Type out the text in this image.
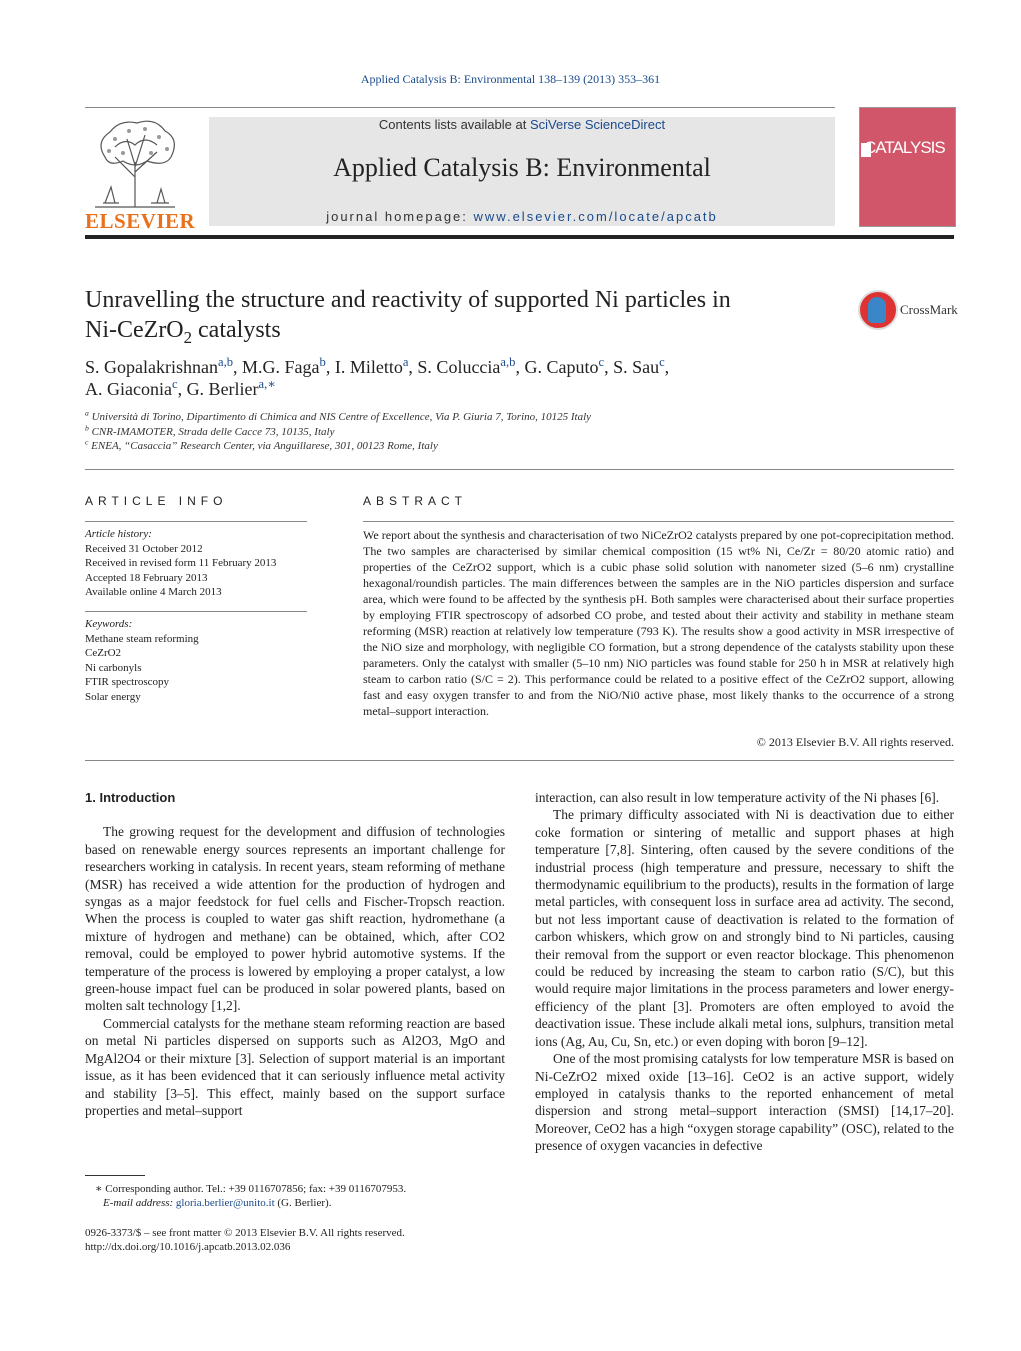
Applied Catalysis B: Environmental 138–139 (2013) 353–361
ELSEVIER
Contents lists available at SciVerse ScienceDirect
Applied Catalysis B: Environmental
journal homepage: www.elsevier.com/locate/apcatb
CATALYSIS
Unravelling the structure and reactivity of supported Ni particles in
Ni-CeZrO$_2$ catalysts
CrossMark
S. Gopalakrishnan$^{a,b}$, M.G. Faga$^b$, I. Miletto$^a$, S. Coluccia$^{a,b}$, G. Caputo$^c$, S. Sau$^c$,
A. Giaconia$^c$, G. Berlier$^{a,∗}$
$^a$ Università di Torino, Dipartimento di Chimica and NIS Centre of Excellence, Via P. Giuria 7, Torino, 10125 Italy
$^b$ CNR-IMAMOTER, Strada delle Cacce 73, 10135, Italy
$^c$ ENEA, “Casaccia” Research Center, via Anguillarese, 301, 00123 Rome, Italy
ARTICLE INFO
Article history:
Received 31 October 2012
Received in revised form 11 February 2013
Accepted 18 February 2013
Available online 4 March 2013
Keywords:
Methane steam reforming
CeZrO2
Ni carbonyls
FTIR spectroscopy
Solar energy
ABSTRACT
We report about the synthesis and characterisation of two NiCeZrO2 catalysts prepared by one pot-coprecipitation method. The two samples are characterised by similar chemical composition (15 wt% Ni, Ce/Zr = 80/20 atomic ratio) and properties of the CeZrO2 support, which is a cubic phase solid solution with nanometer sized (5–6 nm) crystalline hexagonal/roundish particles. The main differences between the samples are in the NiO particles dispersion and surface area, which were found to be affected by the synthesis pH. Both samples were characterised about their surface properties by employing FTIR spectroscopy of adsorbed CO probe, and tested about their activity and stability in methane steam reforming (MSR) reaction at relatively low temperature (793 K). The results show a good activity in MSR irrespective of the NiO size and morphology, with negligible CO formation, but a strong dependence of the catalysts stability upon these parameters. Only the catalyst with smaller (5–10 nm) NiO particles was found stable for 250 h in MSR at relatively high steam to carbon ratio (S/C = 2). This performance could be related to a positive effect of the CeZrO2 support, allowing fast and easy oxygen transfer to and from the NiO/Ni0 active phase, most likely thanks to the occurrence of a strong metal–support interaction.
© 2013 Elsevier B.V. All rights reserved.
1. Introduction

The growing request for the development and diffusion of technologies based on renewable energy sources represents an important challenge for researchers working in catalysis. In recent years, steam reforming of methane (MSR) has received a wide attention for the production of hydrogen and syngas as a major feedstock for fuel cells and Fischer-Tropsch reaction. When the process is coupled to water gas shift reaction, hydromethane (a mixture of hydrogen and methane) can be obtained, which, after CO2 removal, could be employed to power hybrid automotive systems. If the temperature of the process is lowered by employing a proper catalyst, a low green-house impact fuel can be produced in solar powered plants, based on molten salt technology [1,2].

Commercial catalysts for the methane steam reforming reaction are based on metal Ni particles dispersed on supports such as Al2O3, MgO and MgAl2O4 or their mixture [3]. Selection of support material is an important issue, as it has been evidenced that it can seriously influence metal activity and stability [3–5]. This effect, mainly based on the support surface properties and metal–support

interaction, can also result in low temperature activity of the Ni phases [6].

The primary difficulty associated with Ni is deactivation due to either coke formation or sintering of metallic and support phases at high temperature [7,8]. Sintering, often caused by the severe conditions of the industrial process (high temperature and pressure, necessary to shift the thermodynamic equilibrium to the products), results in the formation of large metal particles, with consequent loss in surface area ad activity. The second, but not less important cause of deactivation is related to the formation of carbon whiskers, which grow on and strongly bind to Ni particles, causing their removal from the support or even reactor blockage. This phenomenon could be reduced by increasing the steam to carbon ratio (S/C), but this would require major limitations in the process parameters and lower energy-efficiency of the plant [3]. Promoters are often employed to avoid the deactivation issue. These include alkali metal ions, sulphurs, transition metal ions (Ag, Au, Cu, Sn, etc.) or even doping with boron [9–12].

One of the most promising catalysts for low temperature MSR is based on Ni-CeZrO2 mixed oxide [13–16]. CeO2 is an active support, widely employed in catalysis thanks to the reported enhancement of metal dispersion and strong metal–support interaction (SMSI) [14,17–20]. Moreover, CeO2 has a high “oxygen storage capability” (OSC), related to the presence of oxygen vacancies in defective

∗ Corresponding author. Tel.: +39 0116707856; fax: +39 0116707953.
E-mail address: gloria.berlier@unito.it (G. Berlier).
0926-3373/$ – see front matter © 2013 Elsevier B.V. All rights reserved.
http://dx.doi.org/10.1016/j.apcatb.2013.02.036
